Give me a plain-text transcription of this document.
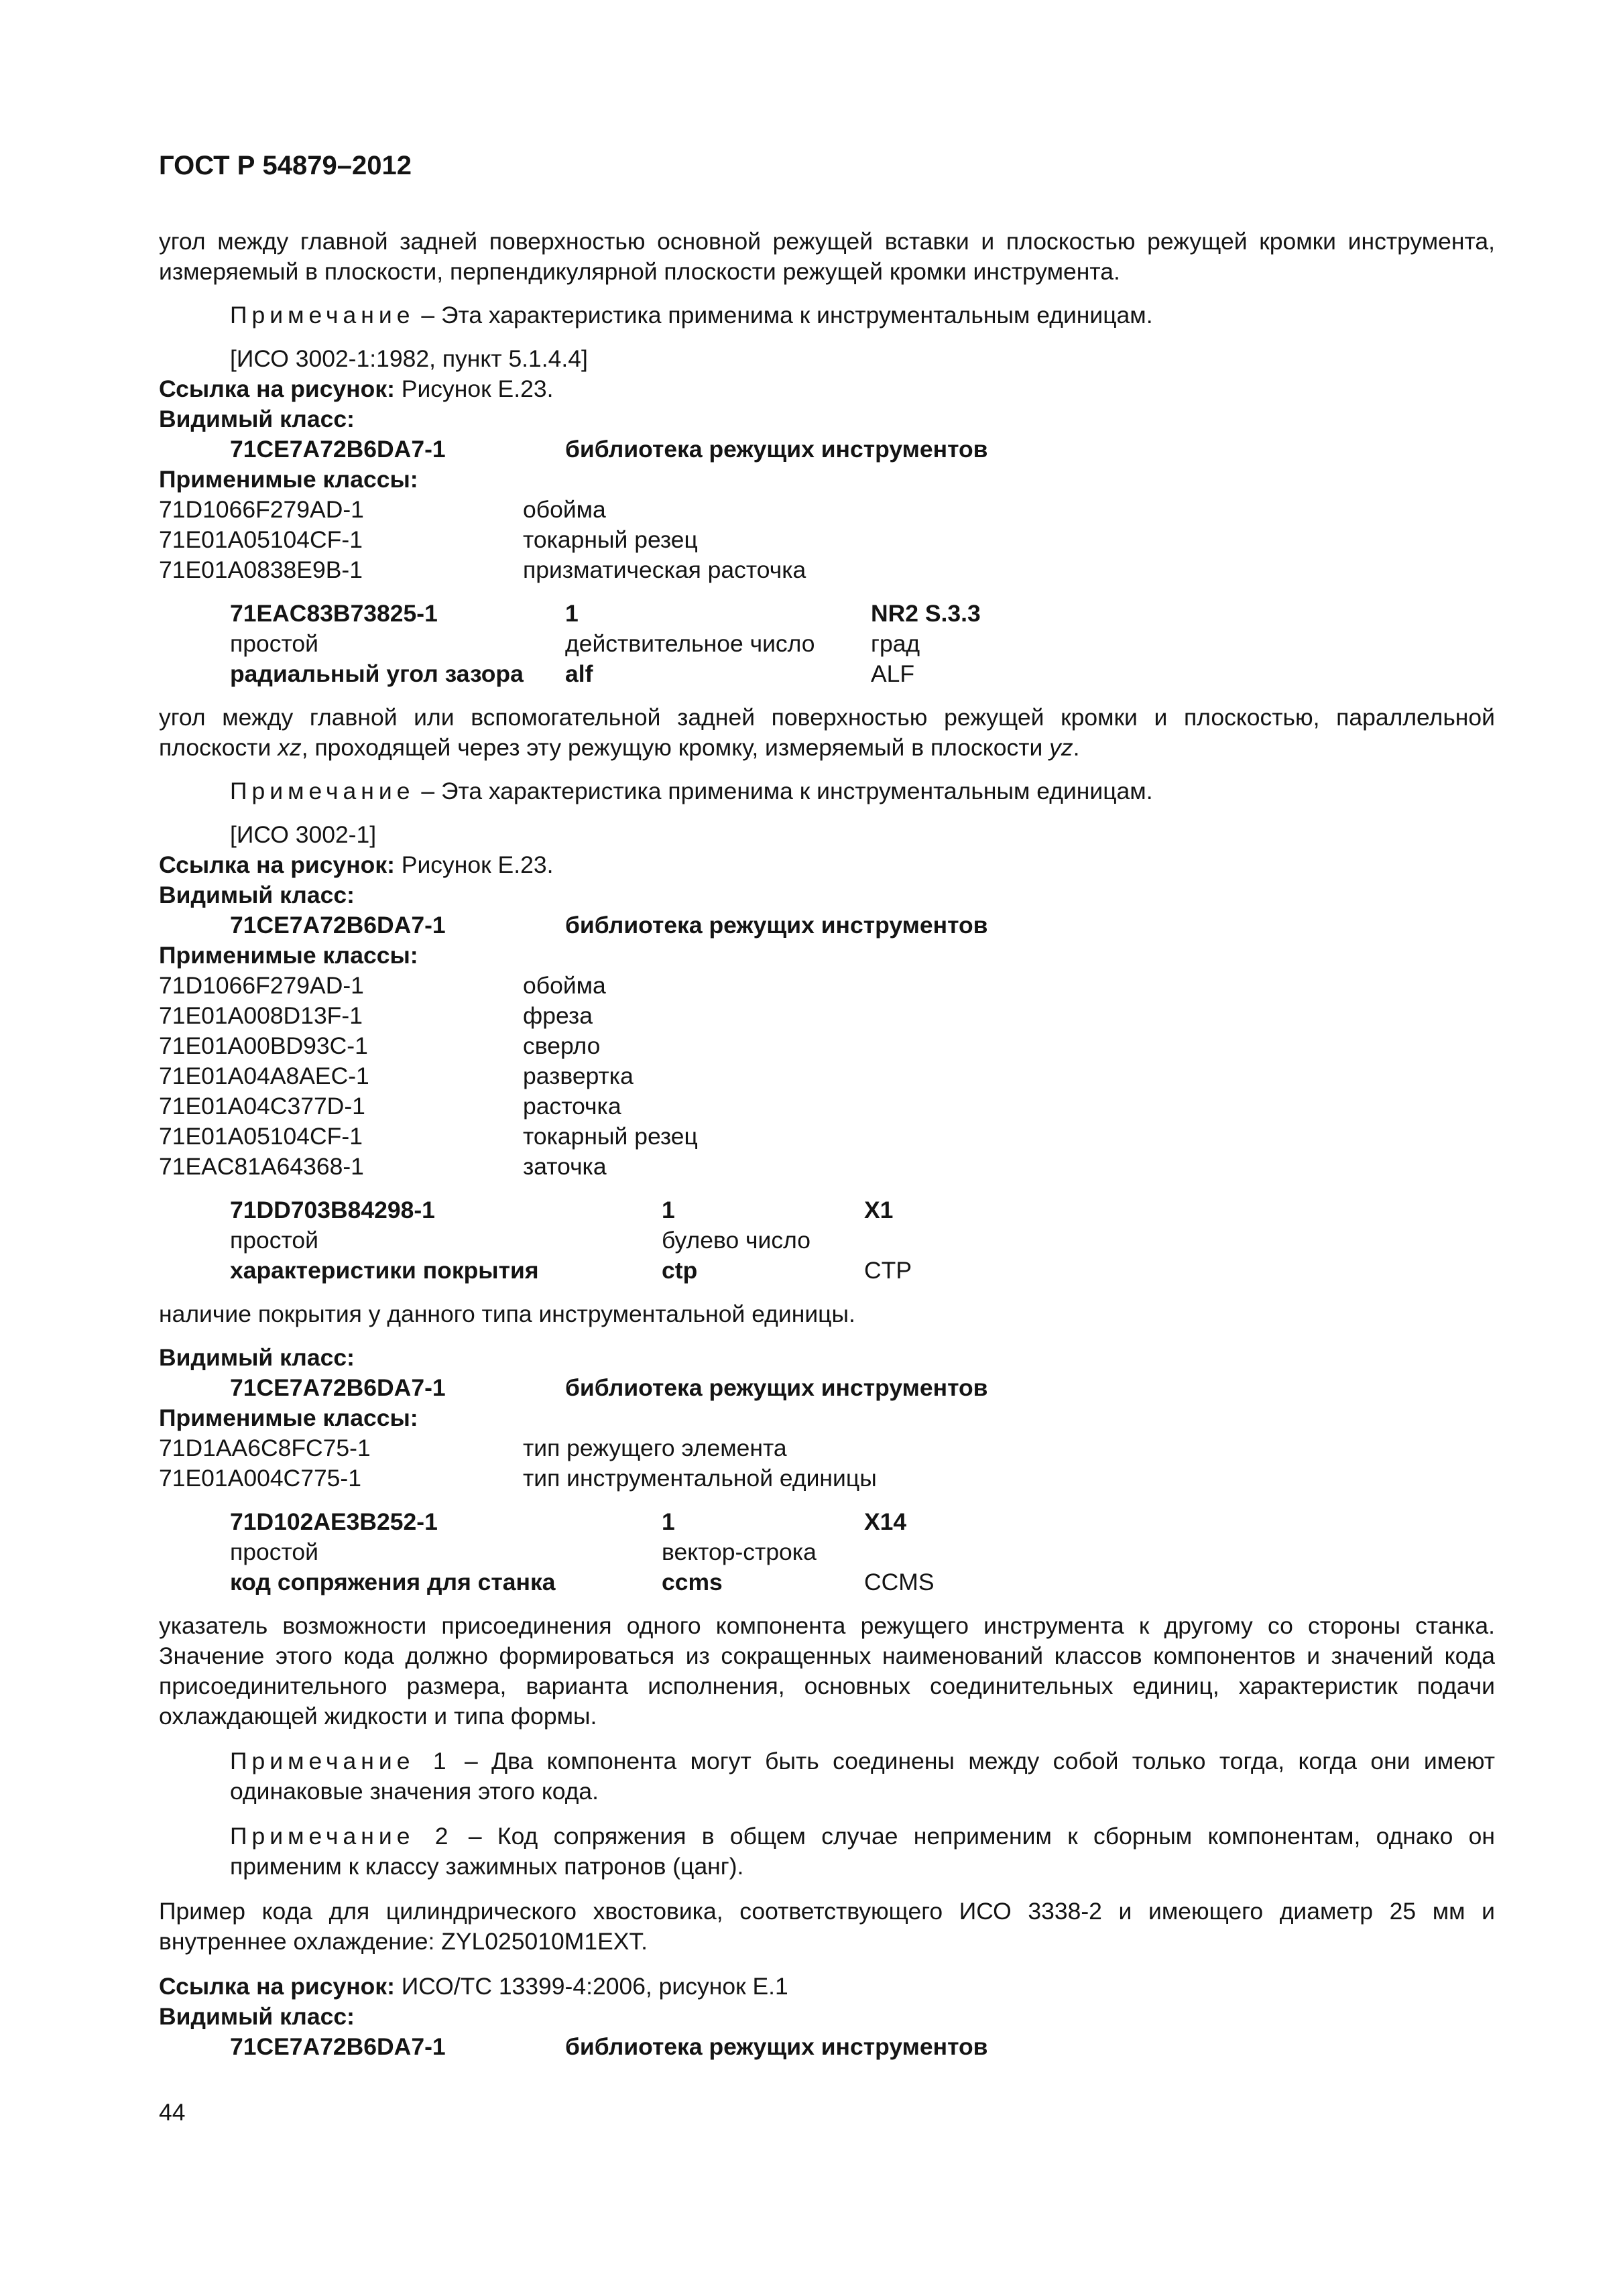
ГОСТ Р 54879–2012

угол между главной задней поверхностью основной режущей вставки и плоскостью режущей кромки инструмента, измеряемый в плоскости, перпендикулярной плоскости режущей кромки инструмента.

Примечание – Эта характеристика применима к инструментальным единицам.

[ИСО 3002-1:1982, пункт 5.1.4.4]

Ссылка на рисунок: Рисунок Е.23.

Видимый класс:

71CE7A72B6DA7-1	библиотека режущих инструментов

Применимые классы:

71D1066F279AD-1	обойма
71E01A05104CF-1	токарный резец
71E01A0838E9B-1	призматическая расточка
71EAC83B73825-1	1	NR2 S.3.3
простой	действительное число	град
радиальный угол зазора	alf	ALF

угол между главной или вспомогательной задней поверхностью режущей кромки и плоскостью, параллельной плоскости xz, проходящей через эту режущую кромку, измеряемый в плоскости yz.

Примечание – Эта характеристика применима к инструментальным единицам.

[ИСО 3002-1]

Ссылка на рисунок: Рисунок Е.23.

Видимый класс:

71CE7A72B6DA7-1	библиотека режущих инструментов

Применимые классы:

71D1066F279AD-1	обойма
71E01A008D13F-1	фреза
71E01A00BD93C-1	сверло
71E01A04A8AEC-1	развертка
71E01A04C377D-1	расточка
71E01A05104CF-1	токарный резец
71EAC81A64368-1	заточка
71DD703B84298-1	1	X1
простой	булево число
характеристики покрытия	ctp	CTP

наличие покрытия у данного типа инструментальной единицы.

Видимый класс:

71CE7A72B6DA7-1	библиотека режущих инструментов

Применимые классы:

71D1AA6C8FC75-1	тип режущего элемента
71E01A004C775-1	тип инструментальной единицы
71D102AE3B252-1	1	X14
простой	вектор-строка
код сопряжения для станка	ccms	CCMS

указатель возможности присоединения одного компонента режущего инструмента к другому со стороны станка. Значение этого кода должно формироваться из сокращенных наименований классов компонентов и значений кода присоединительного размера, варианта исполнения, основных соединительных единиц, характеристик подачи охлаждающей жидкости и типа формы.

Примечание 1 – Два компонента могут быть соединены между собой только тогда, когда они имеют одинаковые значения этого кода.

Примечание 2 – Код сопряжения в общем случае неприменим к сборным компонентам, однако он применим к классу зажимных патронов (цанг).

Пример кода для цилиндрического хвостовика, соответствующего ИСО 3338-2 и имеющего диаметр 25 мм и внутреннее охлаждение: ZYL025010M1EXT.

Ссылка на рисунок: ИСО/ТС 13399-4:2006, рисунок Е.1

Видимый класс:

71CE7A72B6DA7-1	библиотека режущих инструментов
44
